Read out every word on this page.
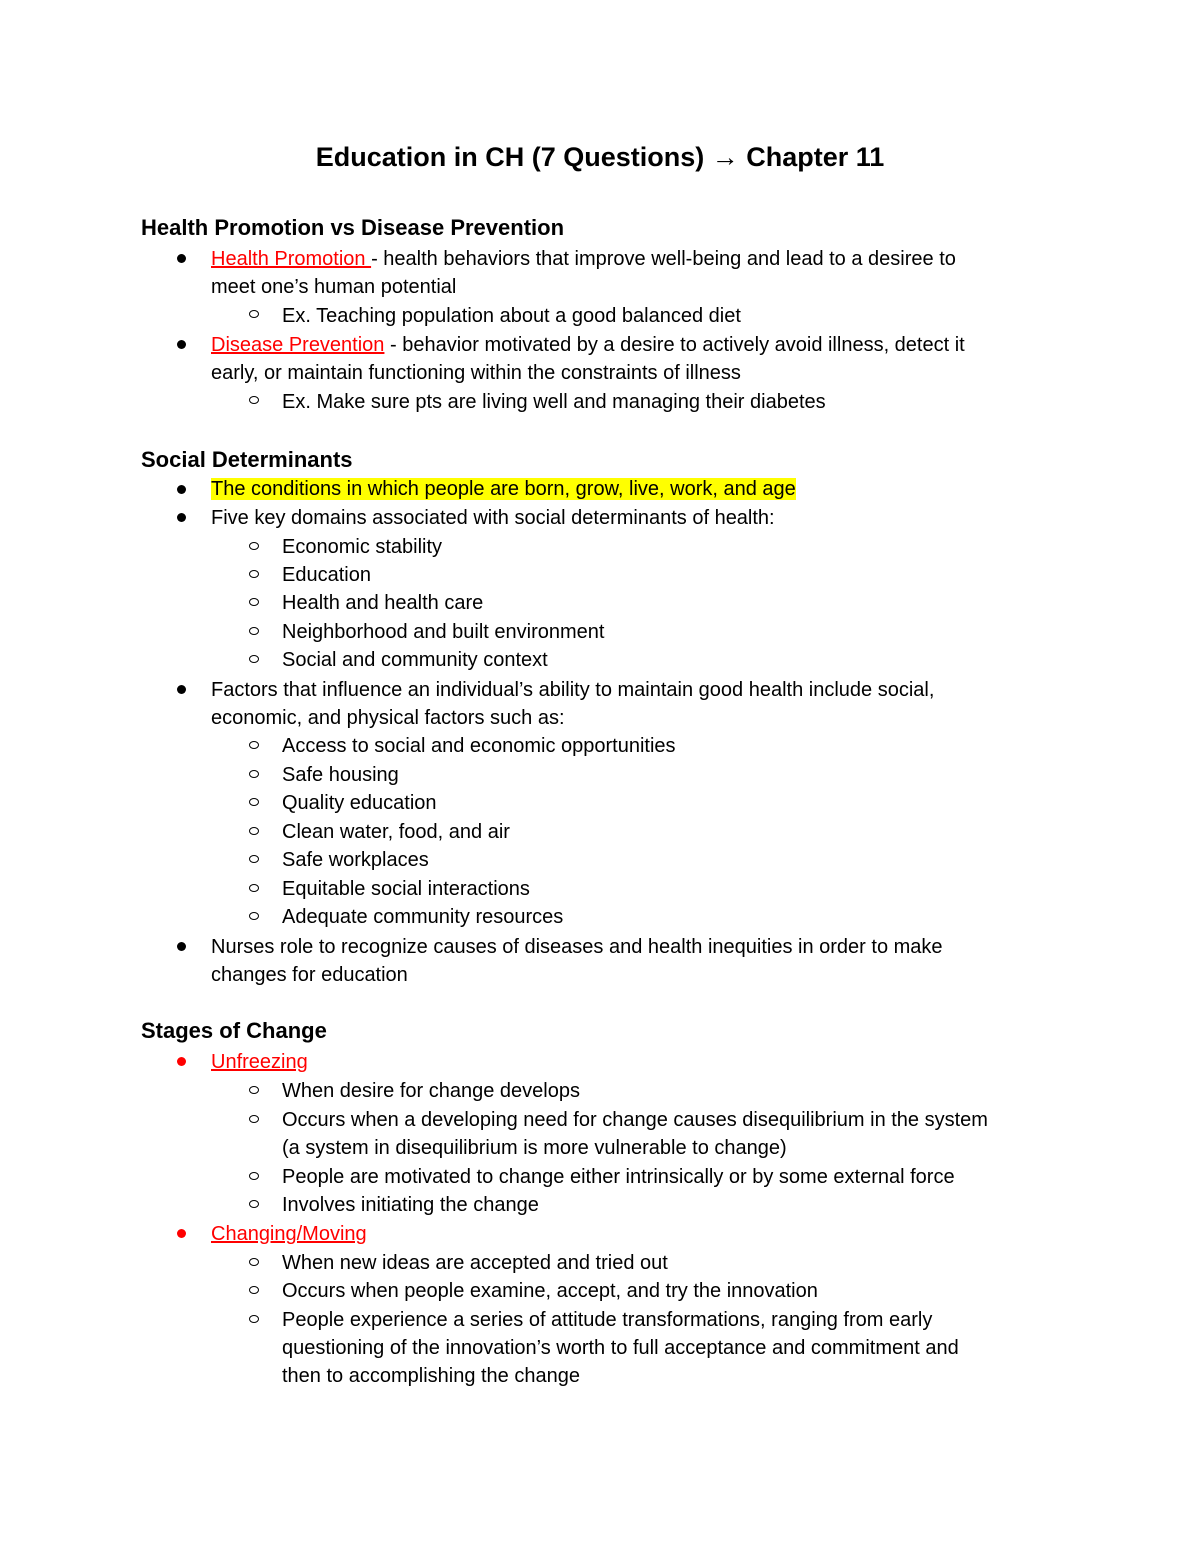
Education in CH (7 Questions) → Chapter 11
Health Promotion vs Disease Prevention
Health Promotion - health behaviors that improve well-being and lead to a desiree to
meet one’s human potential
Ex. Teaching population about a good balanced diet
Disease Prevention - behavior motivated by a desire to actively avoid illness, detect it
early, or maintain functioning within the constraints of illness
Ex. Make sure pts are living well and managing their diabetes
Social Determinants
The conditions in which people are born, grow, live, work, and age
Five key domains associated with social determinants of health:
Economic stability
Education
Health and health care
Neighborhood and built environment
Social and community context
Factors that influence an individual’s ability to maintain good health include social,
economic, and physical factors such as:
Access to social and economic opportunities
Safe housing
Quality education
Clean water, food, and air
Safe workplaces
Equitable social interactions
Adequate community resources
Nurses role to recognize causes of diseases and health inequities in order to make
changes for education
Stages of Change
Unfreezing
When desire for change develops
Occurs when a developing need for change causes disequilibrium in the system
(a system in disequilibrium is more vulnerable to change)
People are motivated to change either intrinsically or by some external force
Involves initiating the change
Changing/Moving
When new ideas are accepted and tried out
Occurs when people examine, accept, and try the innovation
People experience a series of attitude transformations, ranging from early
questioning of the innovation’s worth to full acceptance and commitment and
then to accomplishing the change
